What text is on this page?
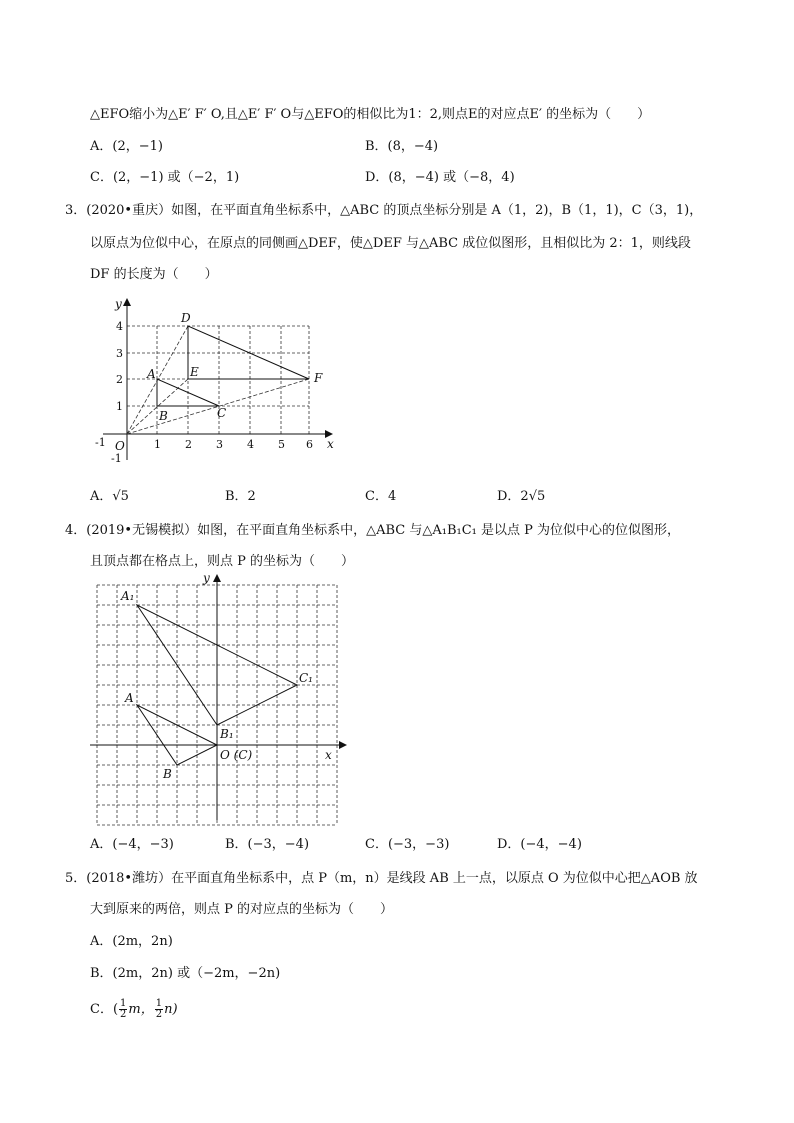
△EFO缩小为△E′ F′ O,且△E′ F′ O与△EFO的相似比为1：2,则点E的对应点E′ 的坐标为（　　）
A．(2，−1)	B．(8，−4)
C．(2，−1) 或（−2，1)	D．(8，−4) 或（−8，4)
3．(2020•重庆）如图，在平面直角坐标系中，△ABC 的顶点坐标分别是 A（1，2)，B（1，1)，C（3，1)，
以原点为位似中心，在原点的同侧画△DEF，使△DEF 与△ABC 成位似图形，且相似比为 2：1，则线段
DF 的长度为（　　）
-1	1 2 3 4 5 6
-1
1
2
3
4
y
x
O
A
B	C
D
E	F
A．√5	B．2	C．4	D．2√5
4．(2019•无锡模拟）如图，在平面直角坐标系中，△ABC 与△A₁B₁C₁ 是以点 P 为位似中心的位似图形，
且顶点都在格点上，则点 P 的坐标为（　　）
y
x
A₁
B₁
C₁
A
B
O (C)
A．(−4，−3)	B．(−3，−4)	C．(−3，−3)	D．(−4，−4)
5．(2018•潍坊）在平面直角坐标系中，点 P（m，n）是线段 AB 上一点，以原点 O 为位似中心把△AOB 放
大到原来的两倍，则点 P 的对应点的坐标为（　　）
A．(2m，2n)
B．(2m，2n) 或（−2m，−2n)
C．( $\frac{1}{2}$ m， $\frac{1}{2} n$)
